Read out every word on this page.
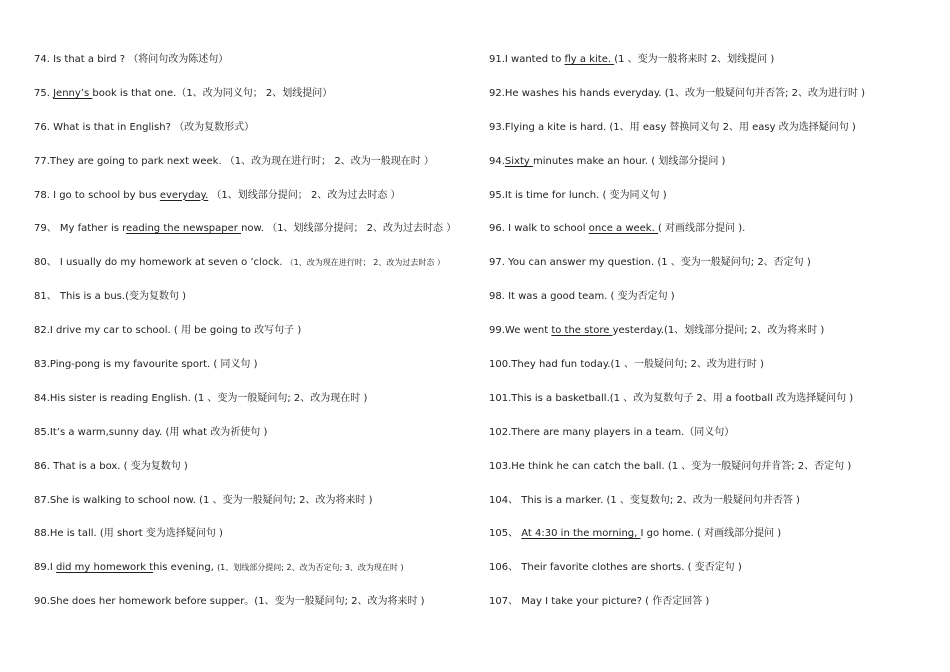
74. Is that a bird ? （将问句改为陈述句）
75. Jenny’s book is that one.（1、改为同义句； 2、划线提问）
76. What is that in English? （改为复数形式）
77.They are going to park next week. （1、改为现在进行时； 2、改为一般现在时 ）
78. I go to school by bus everyday. （1、划线部分提问； 2、改为过去时态 ）
79、 My father is reading the newspaper now. （1、划线部分提问； 2、改为过去时态 ）
80、 I usually do my homework at seven o ’clock. （1、改为现在进行时； 2、改为过去时态 ）
81、 This is a bus.(变为复数句 )
82.I drive my car to school. ( 用 be going to 改写句子 )
83.Ping-pong is my favourite sport. ( 同义句 )
84.His sister is reading English. (1 、变为一般疑问句; 2、改为现在时 )
85.It’s a warm,sunny day. (用 what 改为祈使句 )
86. That is a box. ( 变为复数句 )
87.She is walking to school now. (1 、变为一般疑问句; 2、改为将来时 )
88.He is tall. (用 short 变为选择疑问句 )
89.I did my homework this evening, (1、划线部分提问; 2、改为否定句; 3、改为现在时 )
90.She does her homework before supper。(1、变为一般疑问句; 2、改为将来时 )
91.I wanted to fly a kite. (1 、变为一般将来时 2、划线提问 )
92.He washes his hands everyday. (1、改为一般疑问句并否答; 2、改为进行时 )
93.Flying a kite is hard. (1、用 easy 替换同义句 2、用 easy 改为选择疑问句 )
94.Sixty minutes make an hour. ( 划线部分提问 )
95.It is time for lunch. ( 变为同义句 )
96. I walk to school once a week. ( 对画线部分提问 ).
97. You can answer my question. (1 、变为一般疑问句; 2、否定句 )
98. It was a good team. ( 变为否定句 )
99.We went to the store yesterday.(1、划线部分提问; 2、改为将来时 )
100.They had fun today.(1 、一般疑问句; 2、改为进行时 )
101.This is a basketball.(1 、改为复数句子 2、用 a football 改为选择疑问句 )
102.There are many players in a team.（同义句）
103.He think he can catch the ball. (1 、变为一般疑问句并肯答; 2、否定句 )
104、 This is a marker. (1 、变复数句; 2、改为一般疑问句并否答 )
105、 At 4:30 in the morning, I go home. ( 对画线部分提问 )
106、 Their favorite clothes are shorts. ( 变否定句 )
107、 May I take your picture? ( 作否定回答 )
